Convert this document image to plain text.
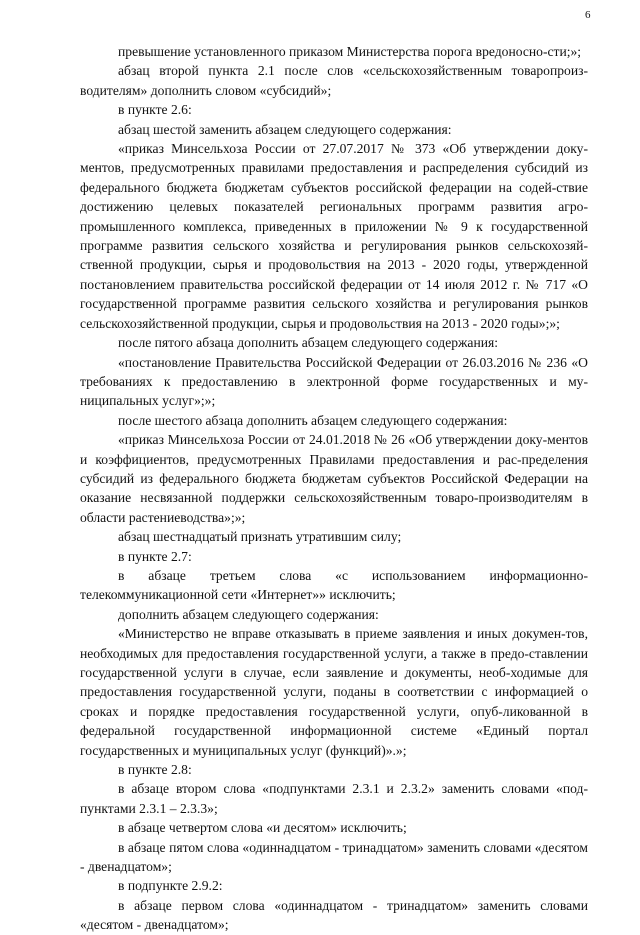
6

превышение установленного приказом Министерства порога вредоносно-сти;»;

абзац второй пункта 2.1 после слов «сельскохозяйственным товаропроиз-водителям» дополнить словом «субсидий»;

в пункте 2.6:

абзац шестой заменить абзацем следующего содержания:

«приказ Минсельхоза России от 27.07.2017 № 373 «Об утверждении доку-ментов, предусмотренных правилами предоставления и распределения субсидий из федерального бюджета бюджетам субъектов российской федерации на содей-ствие достижению целевых показателей региональных программ развития агро-промышленного комплекса, приведенных в приложении № 9 к государственной программе развития сельского хозяйства и регулирования рынков сельскохозяй-ственной продукции, сырья и продовольствия на 2013 - 2020 годы, утвержденной постановлением правительства российской федерации от 14 июля 2012 г. № 717 «О государственной программе развития сельского хозяйства и регулирования рынков сельскохозяйственной продукции, сырья и продовольствия на 2013 - 2020 годы»;»;

после пятого абзаца дополнить абзацем следующего содержания:

«постановление Правительства Российской Федерации от 26.03.2016 № 236 «О требованиях к предоставлению в электронной форме государственных и му-ниципальных услуг»;»;

после шестого абзаца дополнить абзацем следующего содержания:

«приказ Минсельхоза России от 24.01.2018 № 26 «Об утверждении доку-ментов и коэффициентов, предусмотренных Правилами предоставления и рас-пределения субсидий из федерального бюджета бюджетам субъектов Российской Федерации на оказание несвязанной поддержки сельскохозяйственным товаро-производителям в области растениеводства»;»;

абзац шестнадцатый признать утратившим силу;

в пункте 2.7:

в абзаце третьем слова «с использованием информационно-телекоммуникационной сети «Интернет»» исключить;

дополнить абзацем следующего содержания:

«Министерство не вправе отказывать в приеме заявления и иных докумен-тов, необходимых для предоставления государственной услуги, а также в предо-ставлении государственной услуги в случае, если заявление и документы, необ-ходимые для предоставления государственной услуги, поданы в соответствии с информацией о сроках и порядке предоставления государственной услуги, опуб-ликованной в федеральной государственной информационной системе «Единый портал государственных и муниципальных услуг (функций)».»;

в пункте 2.8:

в абзаце втором слова «подпунктами 2.3.1 и 2.3.2» заменить словами «под-пунктами 2.3.1 – 2.3.3»;

в абзаце четвертом слова «и десятом» исключить;

в абзаце пятом слова «одиннадцатом - тринадцатом» заменить словами «десятом - двенадцатом»;

в подпункте 2.9.2:

в абзаце первом слова «одиннадцатом - тринадцатом» заменить словами «десятом - двенадцатом»;
